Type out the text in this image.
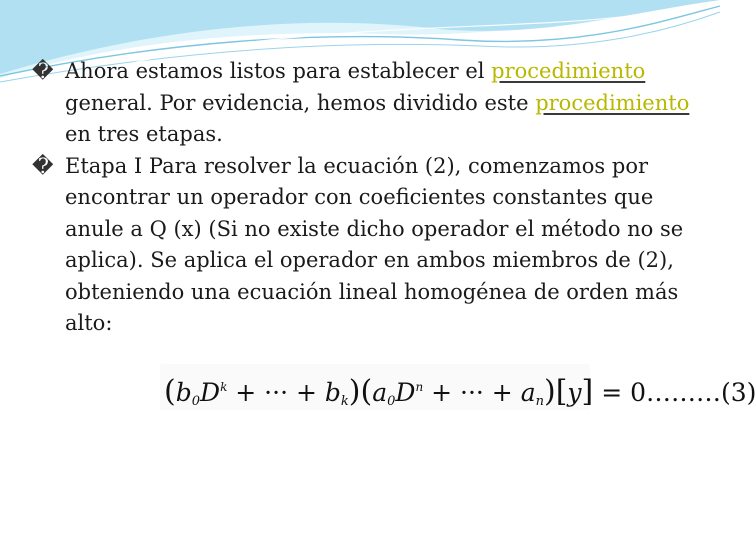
� Ahora estamos listos para establecer el procedimiento general. Por evidencia, hemos dividido este procedimiento en tres etapas.

� Etapa I Para resolver la ecuación (2), comenzamos por encontrar un operador con coeficientes constantes que anule a Q (x) (Si no existe dicho operador el método no se aplica). Se aplica el operador en ambos miembros de (2), obteniendo una ecuación lineal homogénea de orden más alto:

($b_0D^k$ + ··· + $b_k)(a_0D^n$ + ··· + $a_n)[y]$ = 0………(3)
